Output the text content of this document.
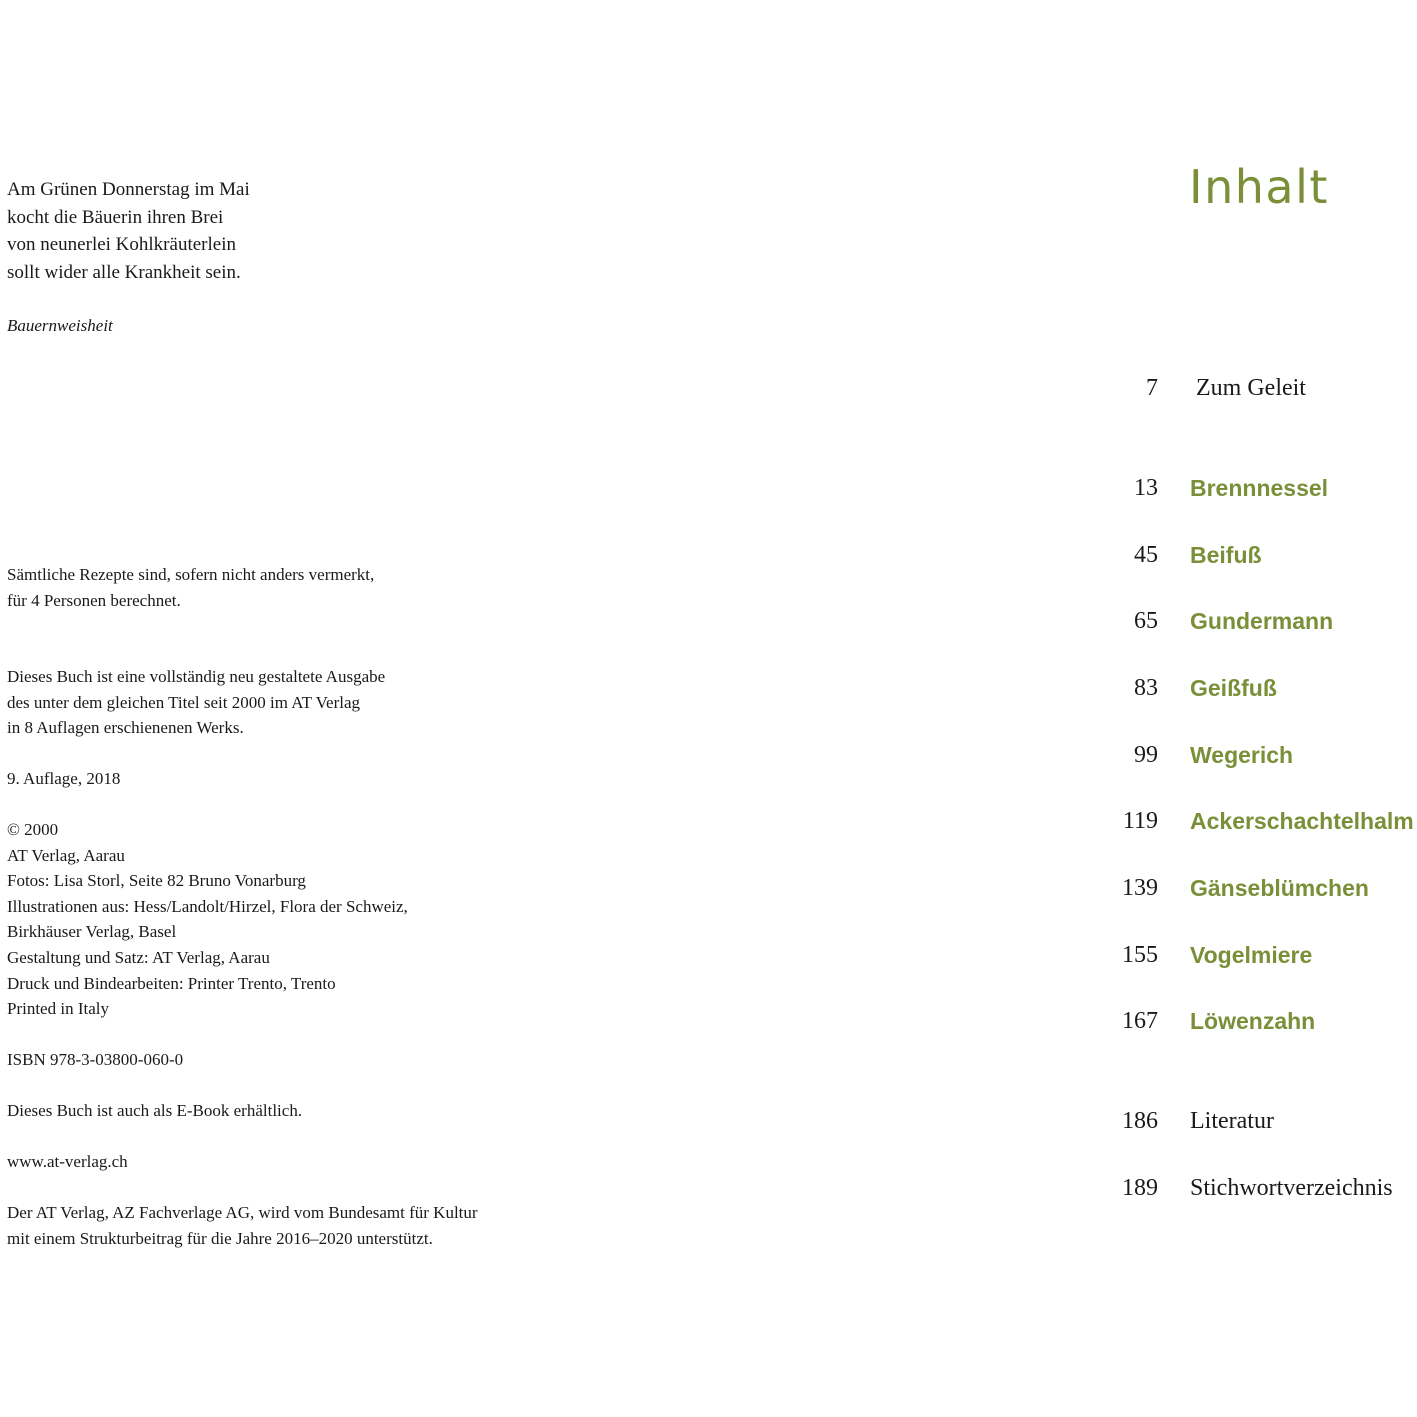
Am Grünen Donnerstag im Mai
kocht die Bäuerin ihren Brei
von neunerlei Kohlkräuterlein
sollt wider alle Krankheit sein.
Bauernweisheit
Sämtliche Rezepte sind, sofern nicht anders vermerkt,
für 4 Personen berechnet.
Dieses Buch ist eine vollständig neu gestaltete Ausgabe
des unter dem gleichen Titel seit 2000 im AT Verlag
in 8 Auflagen erschienenen Werks.
9. Auflage, 2018
© 2000
AT Verlag, Aarau
Fotos: Lisa Storl, Seite 82 Bruno Vonarburg
Illustrationen aus: Hess/Landolt/Hirzel, Flora der Schweiz,
Birkhäuser Verlag, Basel
Gestaltung und Satz: AT Verlag, Aarau
Druck und Bindearbeiten: Printer Trento, Trento
Printed in Italy
ISBN 978-3-03800-060-0
Dieses Buch ist auch als E-Book erhältlich.
www.at-verlag.ch
Der AT Verlag, AZ Fachverlage AG, wird vom Bundesamt für Kultur
mit einem Strukturbeitrag für die Jahre 2016–2020 unterstützt.
Inhalt
7 Zum Geleit
13 Brennnessel
45 Beifuß
65 Gundermann
83 Geißfuß
99 Wegerich
119 Ackerschachtelhalm
139 Gänseblümchen
155 Vogelmiere
167 Löwenzahn
186 Literatur
189 Stichwortverzeichnis
